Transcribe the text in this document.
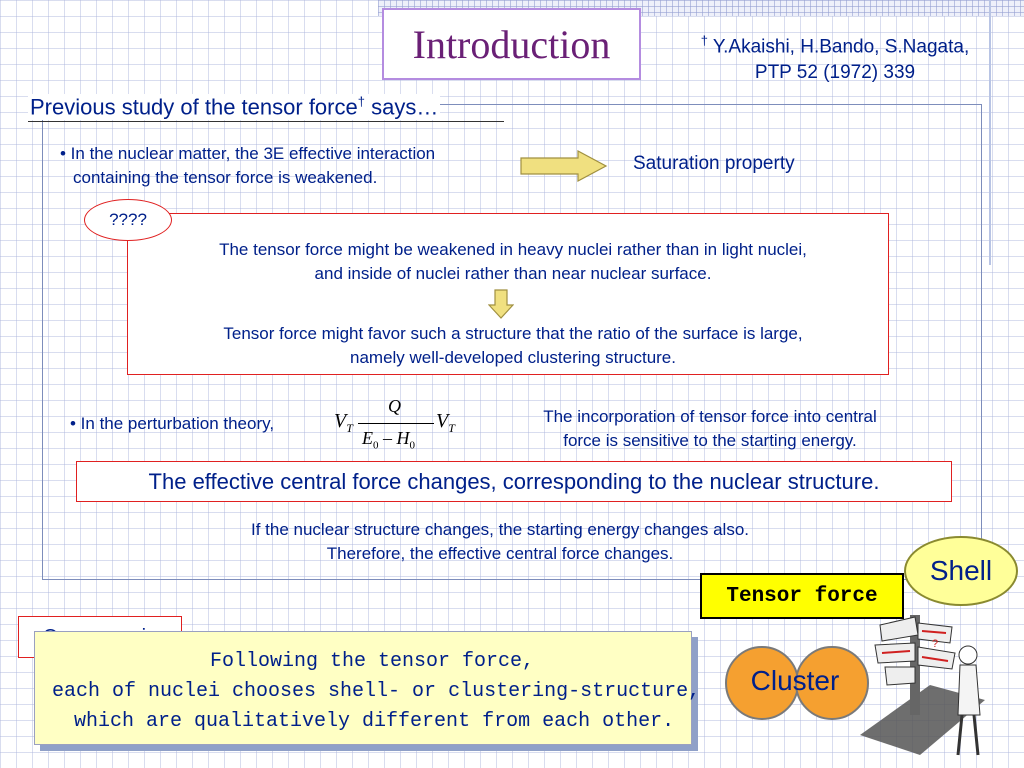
Introduction	† Y.Akaishi, H.Bando, S.Nagata,
PTP 52 (1972) 339
Previous study of the tensor force† says…
• In the nuclear matter, the 3E effective interaction
containing the tensor force is weakened.
Saturation property
????
The tensor force might be weakened in heavy nuclei rather than in light nuclei,
and inside of nuclei rather than near nuclear surface.
Tensor force might favor such a structure that the ratio of the surface is large,
namely well-developed clustering structure.
• In the perturbation theory,	$V_T$
Q
$E_0 - H_0$
$V_T$
The incorporation of tensor force into central
force is sensitive to the starting energy.
The effective central force changes, corresponding to the nuclear structure.
If the nuclear structure changes, the starting energy changes also.
Therefore, the effective central force changes.
Shell
Tensor force
Following the tensor force,
each of nuclei chooses shell- or clustering-structure,
which are qualitatively different from each other.
?
Cluster
